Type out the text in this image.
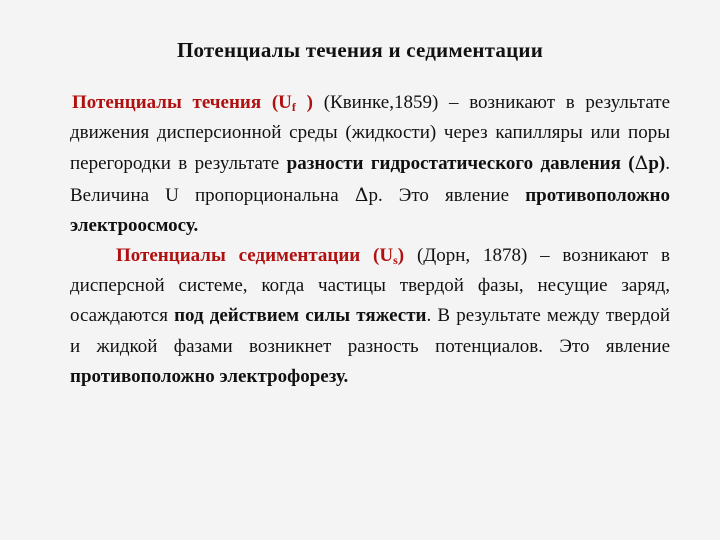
Потенциалы течения и седиментации

Потенциалы течения ($U_f$ ) (Квинке,1859) – возникают в результате движения дисперсионной среды (жидкости) через капилляры или поры перегородки в результате разности гидростатического давления (Δр). Величина U пропорциональна Δр. Это явление противоположно электроосмосу.

Потенциалы седиментации $(U_s)$ (Дорн, 1878) – возникают в дисперсной системе, когда частицы твердой фазы, несущие заряд, осаждаются под действием силы тяжести. В результате между твердой и жидкой фазами возникнет разность потенциалов. Это явление противоположно электрофорезу.
